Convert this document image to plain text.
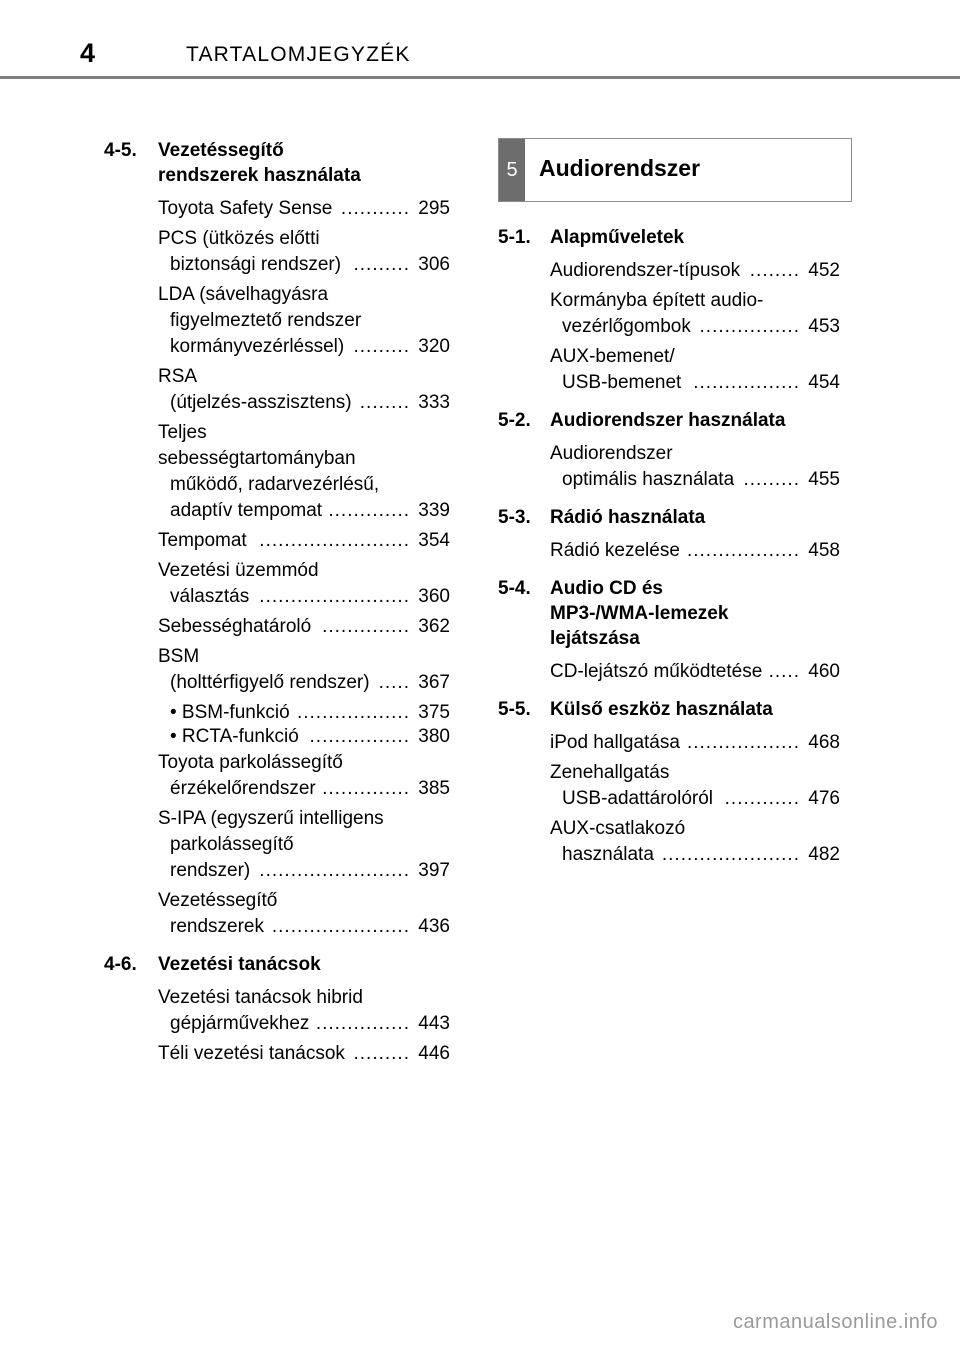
4	TARTALOMJEGYZÉK
4-5. Vezetéssegítő
rendszerek használata
Toyota Safety Sense ........... 295
PCS (ütközés előtti
biztonsági rendszer) ......... 306
LDA (sávelhagyásra
figyelmeztető rendszer
kormányvezérléssel) ......... 320
RSA
(útjelzés-asszisztens) ........ 333
Teljes sebességtartományban
működő, radarvezérlésű,
adaptív tempomat ............. 339
Tempomat ........................ 354
Vezetési üzemmód
választás ........................ 360
Sebességhatároló .............. 362
BSM
(holttérfigyelő rendszer) ..... 367
• BSM-funkció .................. 375
• RCTA-funkció ................ 380
Toyota parkolássegítő
érzékelőrendszer .............. 385
S-IPA (egyszerű intelligens
parkolássegítő
rendszer) ........................ 397
Vezetéssegítő
rendszerek ...................... 436
4-6. Vezetési tanácsok
Vezetési tanácsok hibrid
gépjárművekhez ............... 443
Téli vezetési tanácsok ......... 446
5 Audiorendszer
5-1. Alapműveletek
Audiorendszer-típusok ........ 452
Kormányba épített audio-
vezérlőgombok ................ 453
AUX-bemenet/
USB-bemenet ................. 454
5-2. Audiorendszer használata
Audiorendszer
optimális használata ......... 455
5-3. Rádió használata
Rádió kezelése .................. 458
5-4. Audio CD és
MP3-/WMA-lemezek
lejátszása
CD-lejátszó működtetése ..... 460
5-5. Külső eszköz használata
iPod hallgatása .................. 468
Zenehallgatás
USB-adattárolóról ............ 476
AUX-csatlakozó
használata ...................... 482
carmanualsonline.info
